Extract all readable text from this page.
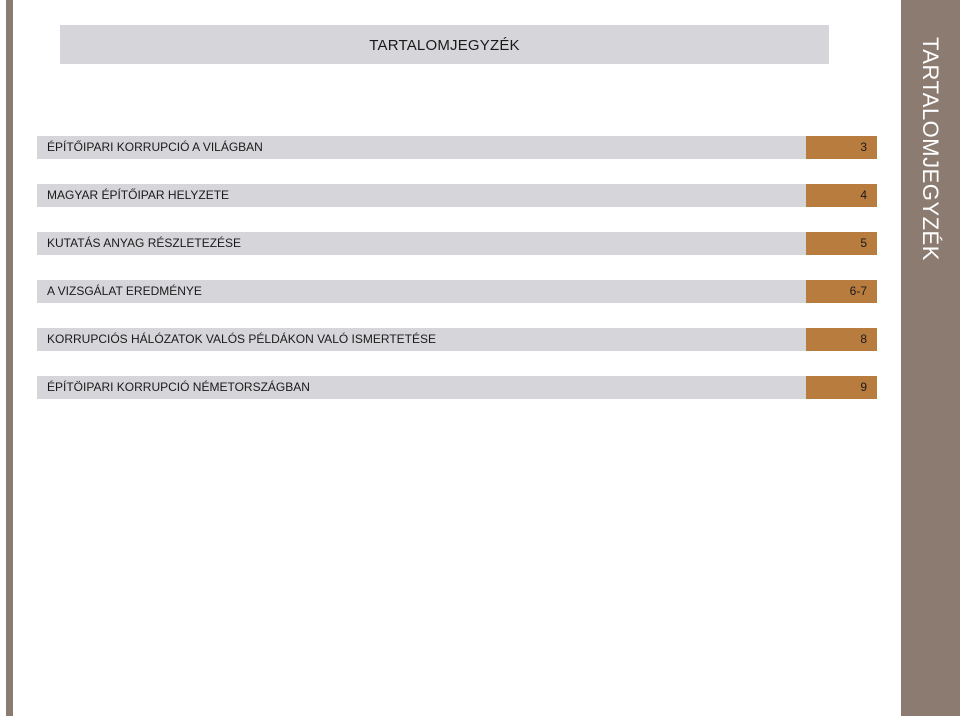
TARTALOMJEGYZÉK	TARTALOMJEGYZÉK
ÉPÍTŐIPARI KORRUPCIÓ A VILÁGBAN	3
MAGYAR ÉPÍTŐIPAR HELYZETE	4
KUTATÁS ANYAG RÉSZLETEZÉSE	5
A VIZSGÁLAT EREDMÉNYE	6-7
KORRUPCIÓS HÁLÓZATOK VALÓS PÉLDÁKON VALÓ ISMERTETÉSE	8
ÉPÍTÖIPARI KORRUPCIÓ NÉMETORSZÁGBAN	9
